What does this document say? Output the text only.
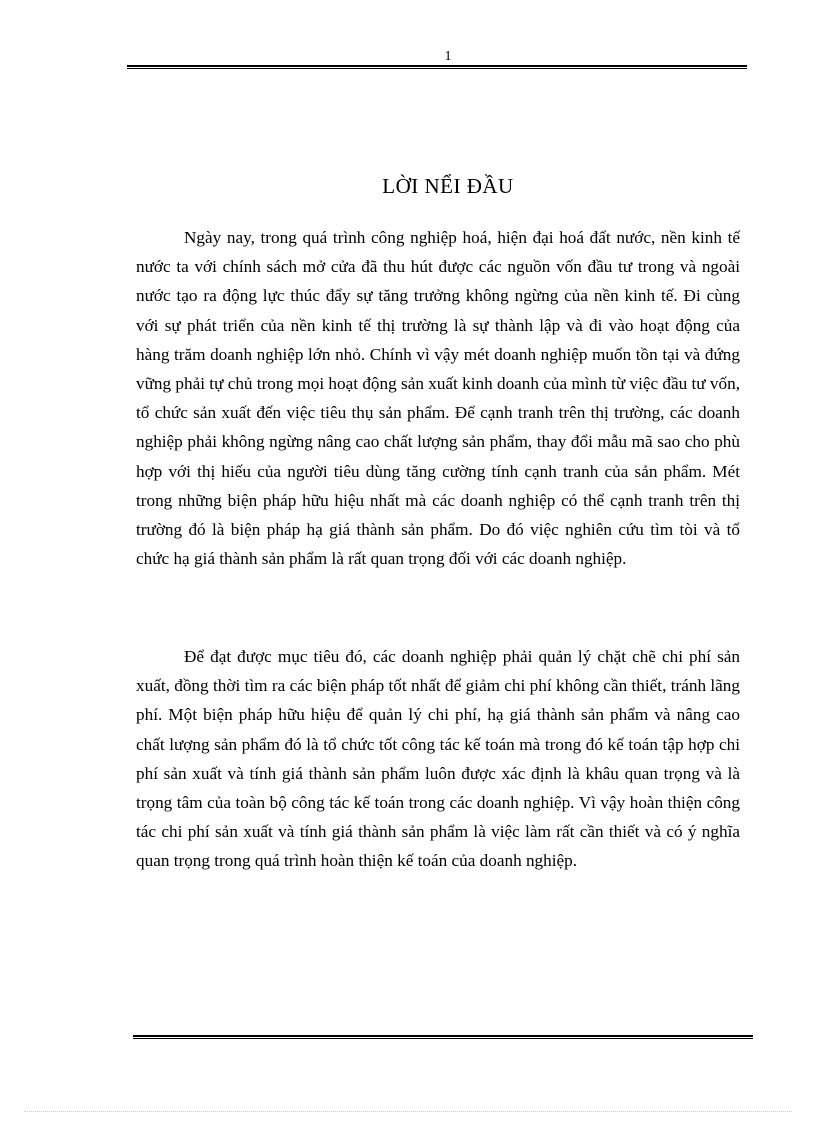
1
LỜI NỂI ĐẦU

Ngày nay, trong quá trình công nghiệp hoá, hiện đại hoá đất nước, nền kinh tế nước ta với chính sách mở cửa đã thu hút được các nguồn vốn đầu tư trong và ngoài nước tạo ra động lực thúc đẩy sự tăng trưởng không ngừng của nền kinh tế. Đi cùng với sự phát triển của nền kinh tế thị trường là sự thành lập và đi vào hoạt động của hàng trăm doanh nghiệp lớn nhỏ. Chính vì vậy mét doanh nghiệp muốn tồn tại và đứng vững phải tự chủ trong mọi hoạt động sản xuất kinh doanh của mình từ việc đầu tư vốn, tổ chức sản xuất đến việc tiêu thụ sản phẩm. Để cạnh tranh trên thị trường, các doanh nghiệp phải không ngừng nâng cao chất lượng sản phẩm, thay đổi mẫu mã sao cho phù hợp với thị hiếu của người tiêu dùng tăng cường tính cạnh tranh của sản phẩm. Mét trong những biện pháp hữu hiệu nhất mà các doanh nghiệp có thể cạnh tranh trên thị trường đó là biện pháp hạ giá thành sản phẩm. Do đó việc nghiên cứu tìm tòi và tổ chức hạ giá thành sản phẩm là rất quan trọng đối với các doanh nghiệp.

Để đạt được mục tiêu đó, các doanh nghiệp phải quản lý chặt chẽ chi phí sản xuất, đồng thời tìm ra các biện pháp tốt nhất để giảm chi phí không cần thiết, tránh lãng phí. Một biện pháp hữu hiệu để quản lý chi phí, hạ giá thành sản phẩm và nâng cao chất lượng sản phẩm đó là tổ chức tốt công tác kế toán mà trong đó kế toán tập hợp chi phí sản xuất và tính giá thành sản phẩm luôn được xác định là khâu quan trọng và là trọng tâm của toàn bộ công tác kế toán trong các doanh nghiệp. Vì vậy hoàn thiện công tác chi phí sản xuất và tính giá thành sản phẩm là việc làm rất cần thiết và có ý nghĩa quan trọng trong quá trình hoàn thiện kế toán của doanh nghiệp.
